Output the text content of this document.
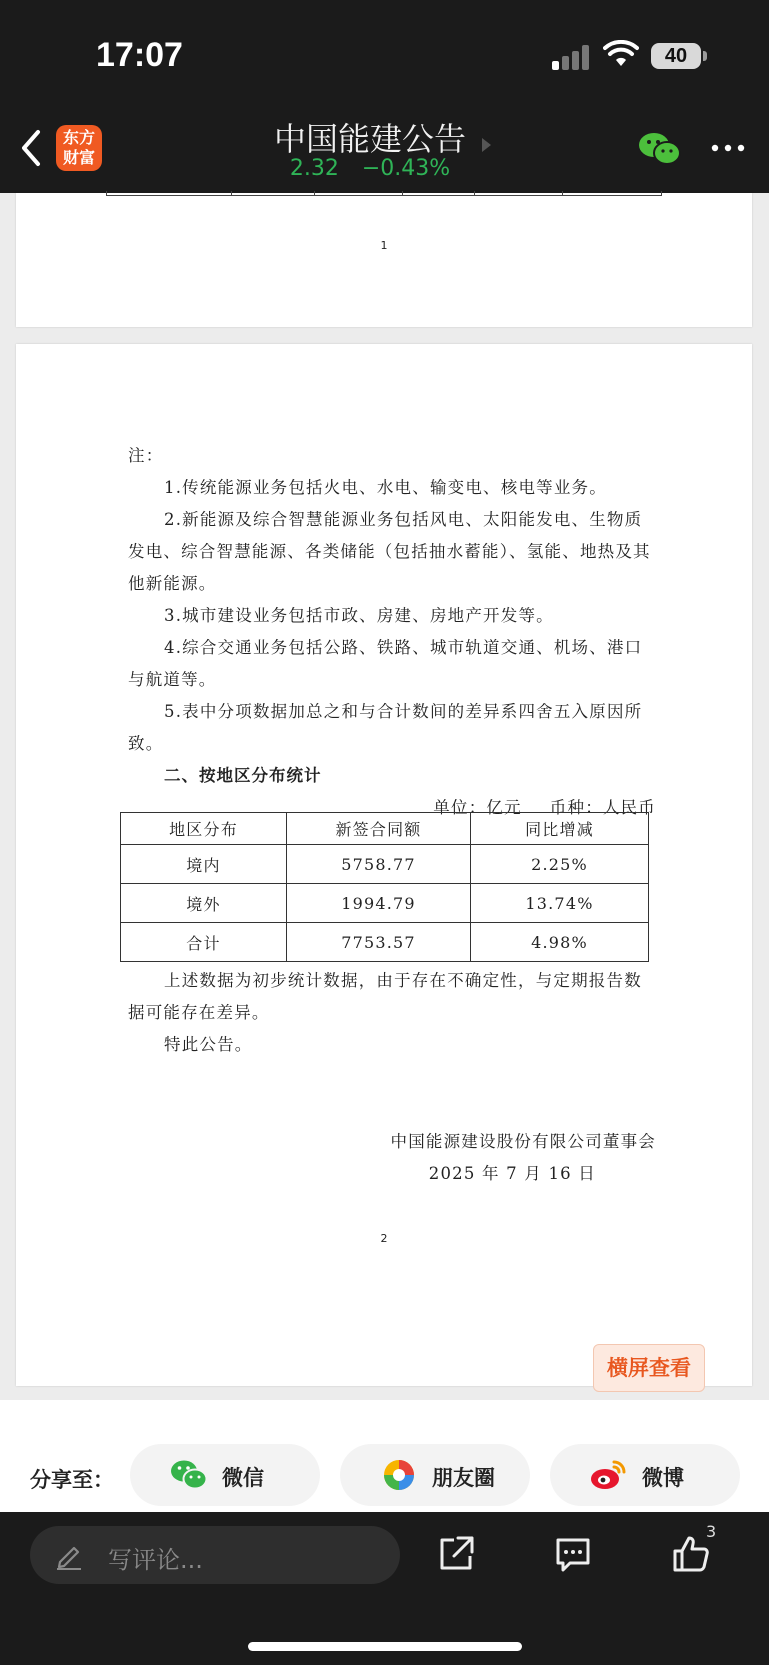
17:07	40
东方
财富	中国能建公告
2.32 −0.43%
1

注：

1.传统能源业务包括火电、水电、输变电、核电等业务。

2.新能源及综合智慧能源业务包括风电、太阳能发电、生物质发电、综合智慧能源、各类储能（包括抽水蓄能）、氢能、地热及其他新能源。

3.城市建设业务包括市政、房建、房地产开发等。

4.综合交通业务包括公路、铁路、城市轨道交通、机场、港口与航道等。

5.表中分项数据加总之和与合计数间的差异系四舍五入原因所致。

二、按地区分布统计

单位：亿元 币种：人民币

地区分布	新签合同额	同比增减
境内	5758.77	2.25%
境外	1994.79	13.74%
合计	7753.57	4.98%

上述数据为初步统计数据，由于存在不确定性，与定期报告数据可能存在差异。

特此公告。

中国能源建设股份有限公司董事会

2025 年 7 月 16 日

2
横屏查看
分享至：	微信	朋友圈	微博
写评论...
3
